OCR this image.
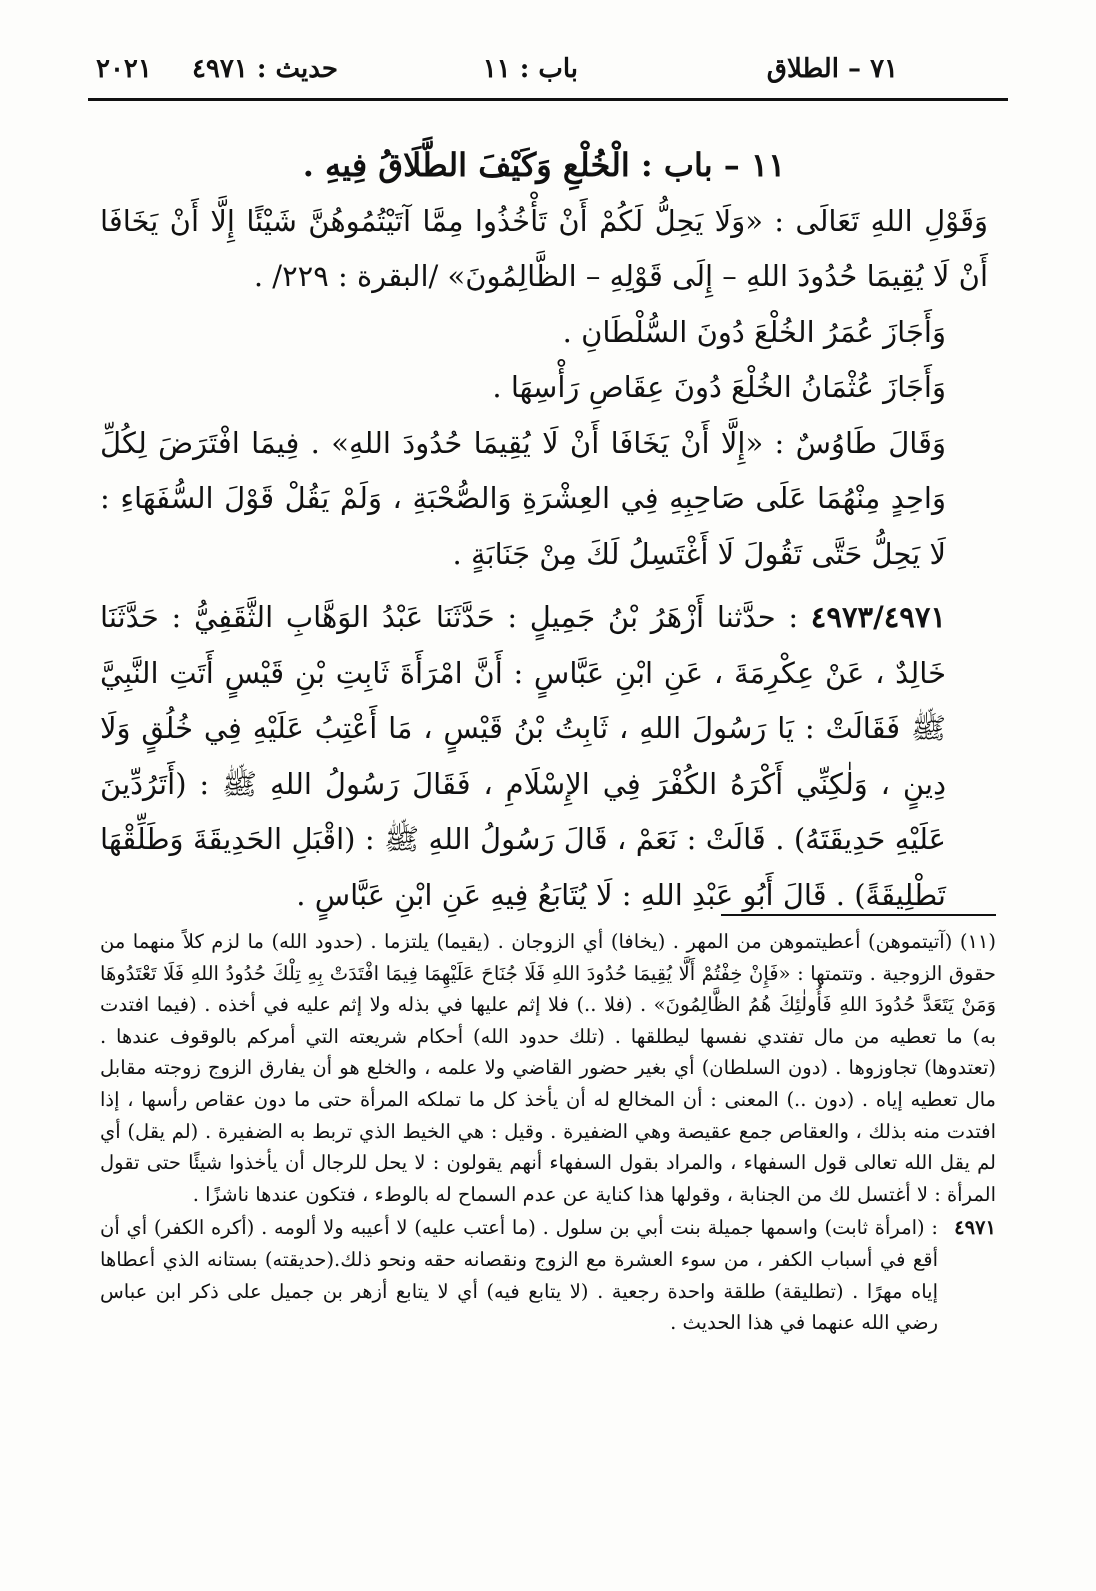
٧١ – الطلاق
باب : ١١
حديث : ٤٩٧١
٢٠٢١

١١ – باب : الْخُلْعِ وَكَيْفَ الطَّلَاقُ فِيهِ .

وَقَوْلِ اللهِ تَعَالَى : «وَلَا يَحِلُّ لَكُمْ أَنْ تَأْخُذُوا مِمَّا آتَيْتُمُوهُنَّ شَيْئًا إِلَّا أَنْ يَخَافَا أَنْ لَا يُقِيمَا حُدُودَ اللهِ – إِلَى قَوْلِهِ – الظَّالِمُونَ» /البقرة : ٢٢٩/ .

وَأَجَازَ عُمَرُ الخُلْعَ دُونَ السُّلْطَانِ .

وَأَجَازَ عُثْمَانُ الخُلْعَ دُونَ عِقَاصِ رَأْسِهَا .

وَقَالَ طَاوُسٌ : «إِلَّا أَنْ يَخَافَا أَنْ لَا يُقِيمَا حُدُودَ اللهِ» . فِيمَا افْتَرَضَ لِكُلِّ وَاحِدٍ مِنْهُمَا عَلَى صَاحِبِهِ فِي العِشْرَةِ وَالصُّحْبَةِ ، وَلَمْ يَقُلْ قَوْلَ السُّفَهَاءِ : لَا يَحِلُّ حَتَّى تَقُولَ لَا أَغْتَسِلُ لَكَ مِنْ جَنَابَةٍ .

٤٩٧٣/٤٩٧١ : حدَّثنا أَزْهَرُ بْنُ جَمِيلٍ : حَدَّثَنَا عَبْدُ الوَهَّابِ الثَّقَفِيُّ : حَدَّثَنَا خَالِدٌ ، عَنْ عِكْرِمَةَ ، عَنِ ابْنِ عَبَّاسٍ : أَنَّ امْرَأَةَ ثَابِتِ بْنِ قَيْسٍ أَتَتِ النَّبِيَّ ﷺ فَقَالَتْ : يَا رَسُولَ اللهِ ، ثَابِتُ بْنُ قَيْسٍ ، مَا أَعْتِبُ عَلَيْهِ فِي خُلُقٍ وَلَا دِينٍ ، وَلٰكِنِّي أَكْرَهُ الكُفْرَ فِي الإِسْلَامِ ، فَقَالَ رَسُولُ اللهِ ﷺ : (أَتَرُدِّينَ عَلَيْهِ حَدِيقَتَهُ) . قَالَتْ : نَعَمْ ، قَالَ رَسُولُ اللهِ ﷺ : (اقْبَلِ الحَدِيقَةَ وَطَلِّقْهَا تَطْلِيقَةً) . قَالَ أَبُو عَبْدِ اللهِ : لَا يُتَابَعُ فِيهِ عَنِ ابْنِ عَبَّاسٍ .

(١١) (آتيتموهن) أعطيتموهن من المهر . (يخافا) أي الزوجان . (يقيما) يلتزما . (حدود الله) ما لزم كلاً منهما من حقوق الزوجية . وتتمتها : «فَإِنْ خِفْتُمْ أَلَّا يُقِيمَا حُدُودَ اللهِ فَلَا جُنَاحَ عَلَيْهِمَا فِيمَا افْتَدَتْ بِهِ تِلْكَ حُدُودُ اللهِ فَلَا تَعْتَدُوهَا وَمَنْ يَتَعَدَّ حُدُودَ اللهِ فَأُولٰئِكَ هُمُ الظَّالِمُونَ» . (فلا ..) فلا إثم عليها في بذله ولا إثم عليه في أخذه . (فيما افتدت به) ما تعطيه من مال تفتدي نفسها ليطلقها . (تلك حدود الله) أحكام شريعته التي أمركم بالوقوف عندها . (تعتدوها) تجاوزوها . (دون السلطان) أي بغير حضور القاضي ولا علمه ، والخلع هو أن يفارق الزوج زوجته مقابل مال تعطيه إياه . (دون ..) المعنى : أن المخالع له أن يأخذ كل ما تملكه المرأة حتى ما دون عقاص رأسها ، إذا افتدت منه بذلك ، والعقاص جمع عقيصة وهي الضفيرة . وقيل : هي الخيط الذي تربط به الضفيرة . (لم يقل) أي لم يقل الله تعالى قول السفهاء ، والمراد بقول السفهاء أنهم يقولون : لا يحل للرجال أن يأخذوا شيئًا حتى تقول المرأة : لا أغتسل لك من الجنابة ، وقولها هذا كناية عن عدم السماح له بالوطء ، فتكون عندها ناشزًا .

٤٩٧١
: (امرأة ثابت) واسمها جميلة بنت أبي بن سلول . (ما أعتب عليه) لا أعيبه ولا ألومه . (أكره الكفر) أي أن أقع في أسباب الكفر ، من سوء العشرة مع الزوج ونقصانه حقه ونحو ذلك.(حديقته) بستانه الذي أعطاها إياه مهرًا . (تطليقة) طلقة واحدة رجعية . (لا يتابع فيه) أي لا يتابع أزهر بن جميل على ذكر ابن عباس رضي الله عنهما في هذا الحديث .
